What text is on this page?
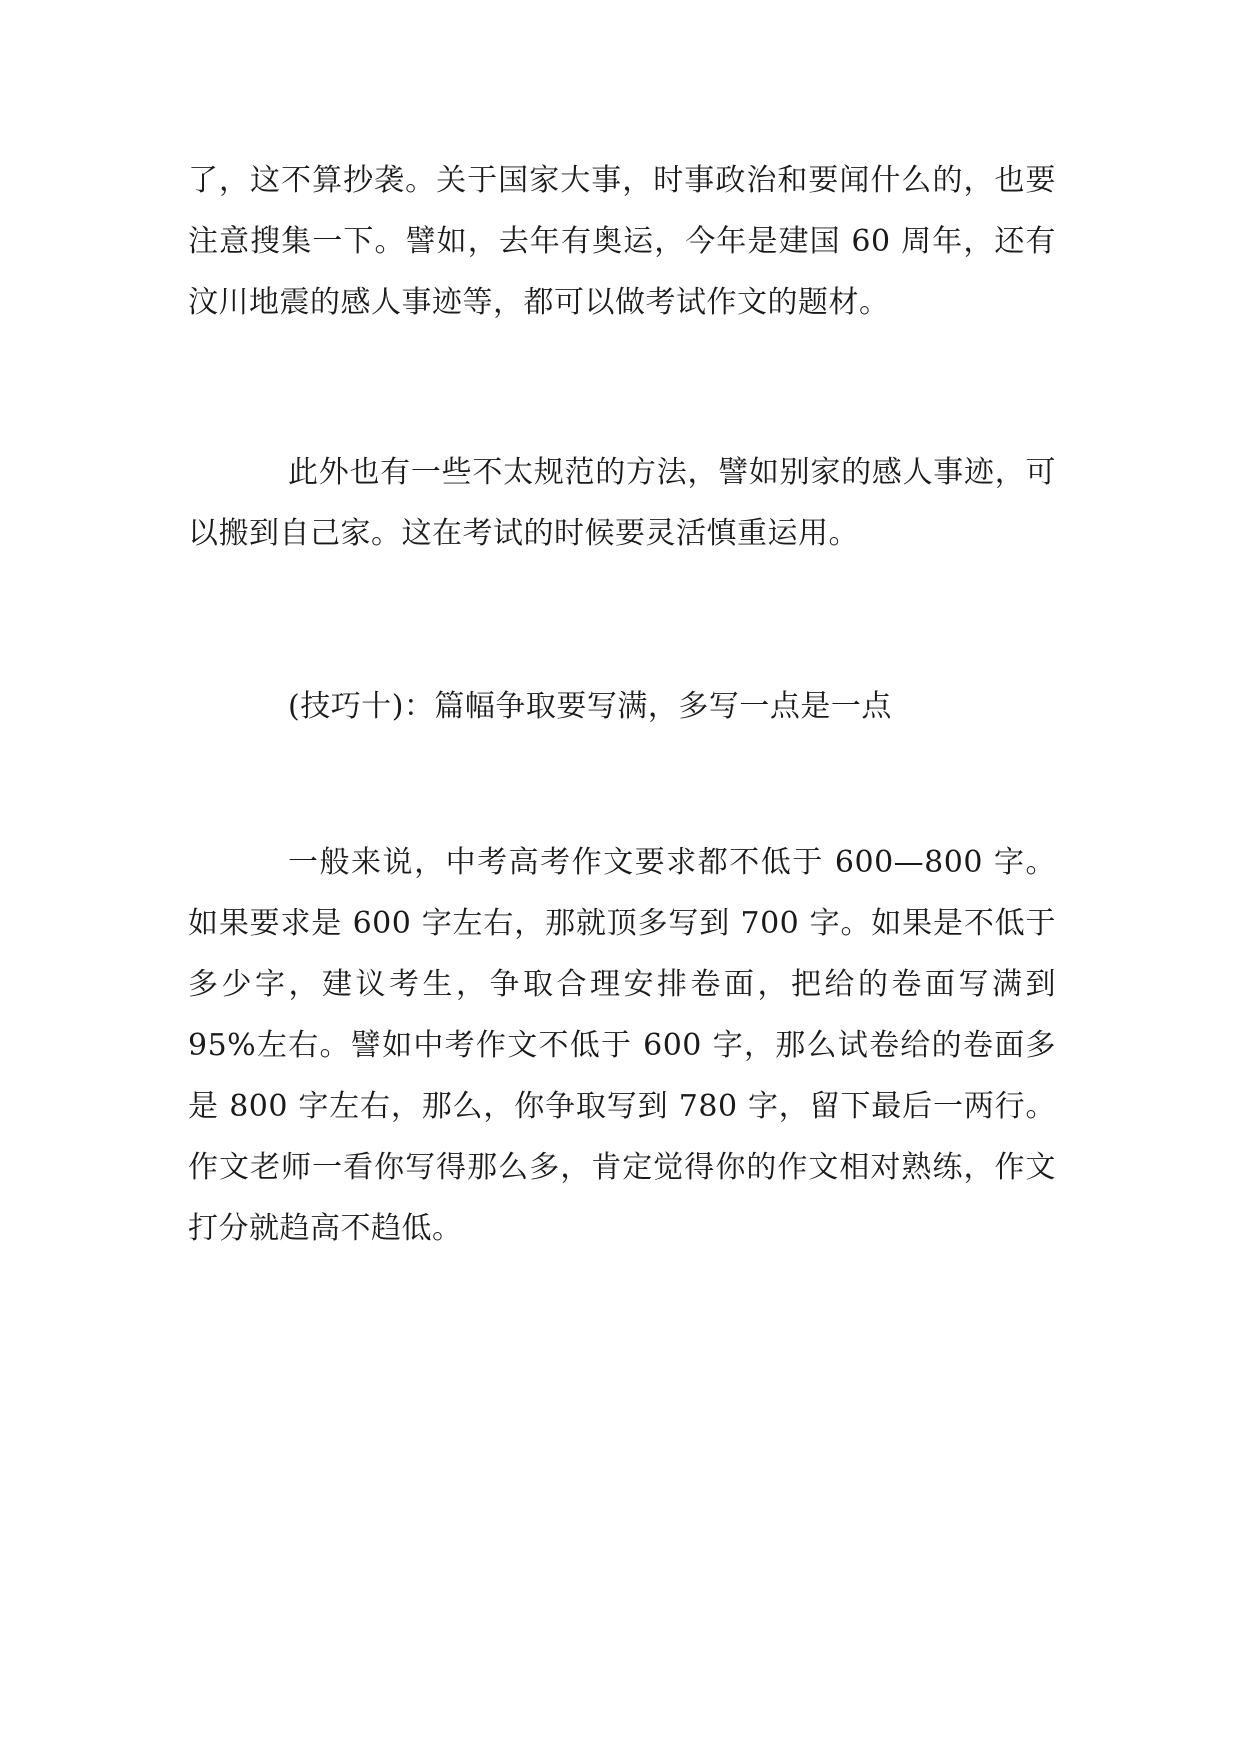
了，这不算抄袭。关于国家大事，时事政治和要闻什么的，也要注意搜集一下。譬如，去年有奥运，今年是建国 60 周年，还有汶川地震的感人事迹等，都可以做考试作文的题材。

此外也有一些不太规范的方法，譬如别家的感人事迹，可以搬到自己家。这在考试的时候要灵活慎重运用。

(技巧十)：篇幅争取要写满，多写一点是一点

一般来说，中考高考作文要求都不低于 600—800 字。如果要求是 600 字左右，那就顶多写到 700 字。如果是不低于多少字，建议考生，争取合理安排卷面，把给的卷面写满到 95%左右。譬如中考作文不低于 600 字，那么试卷给的卷面多是 800 字左右，那么，你争取写到 780 字，留下最后一两行。作文老师一看你写得那么多，肯定觉得你的作文相对熟练，作文打分就趋高不趋低。
